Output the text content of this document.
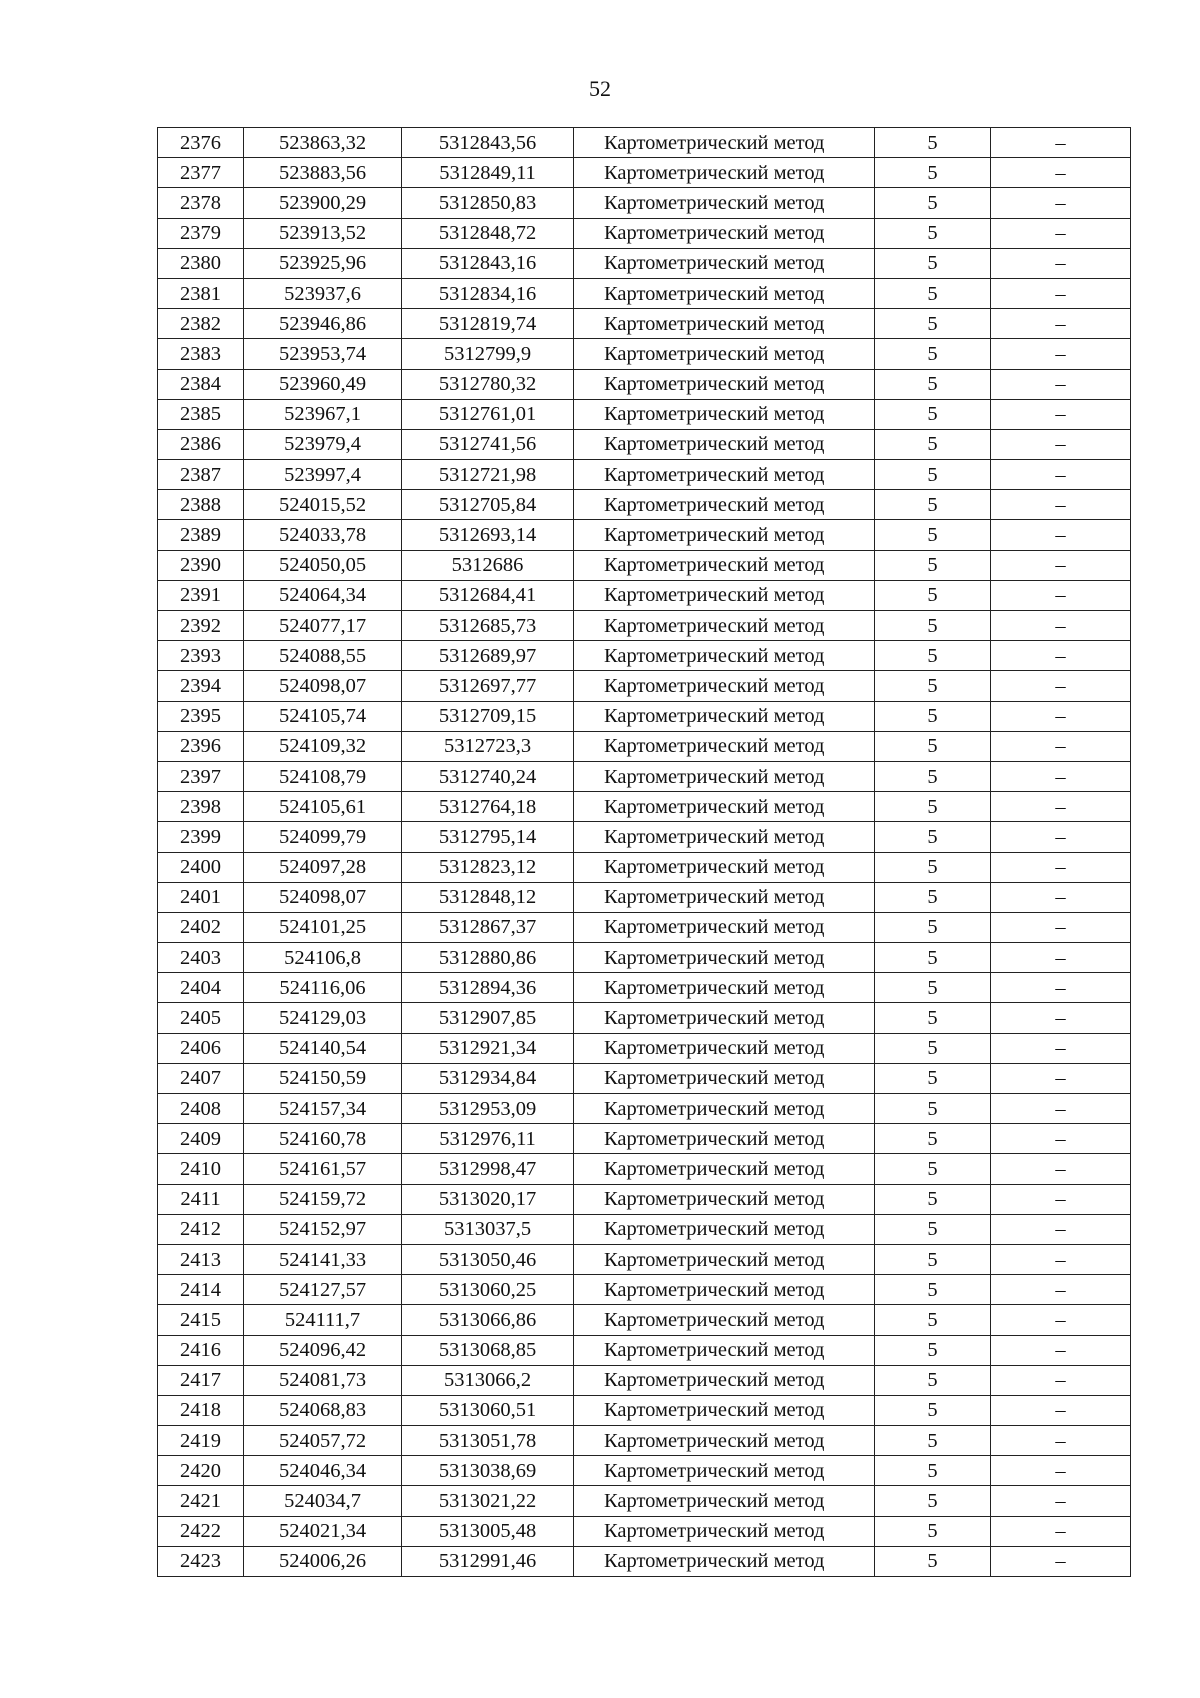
52
2376	523863,32	5312843,56	Картометрический метод	5	–
2377	523883,56	5312849,11	Картометрический метод	5	–
2378	523900,29	5312850,83	Картометрический метод	5	–
2379	523913,52	5312848,72	Картометрический метод	5	–
2380	523925,96	5312843,16	Картометрический метод	5	–
2381	523937,6	5312834,16	Картометрический метод	5	–
2382	523946,86	5312819,74	Картометрический метод	5	–
2383	523953,74	5312799,9	Картометрический метод	5	–
2384	523960,49	5312780,32	Картометрический метод	5	–
2385	523967,1	5312761,01	Картометрический метод	5	–
2386	523979,4	5312741,56	Картометрический метод	5	–
2387	523997,4	5312721,98	Картометрический метод	5	–
2388	524015,52	5312705,84	Картометрический метод	5	–
2389	524033,78	5312693,14	Картометрический метод	5	–
2390	524050,05	5312686	Картометрический метод	5	–
2391	524064,34	5312684,41	Картометрический метод	5	–
2392	524077,17	5312685,73	Картометрический метод	5	–
2393	524088,55	5312689,97	Картометрический метод	5	–
2394	524098,07	5312697,77	Картометрический метод	5	–
2395	524105,74	5312709,15	Картометрический метод	5	–
2396	524109,32	5312723,3	Картометрический метод	5	–
2397	524108,79	5312740,24	Картометрический метод	5	–
2398	524105,61	5312764,18	Картометрический метод	5	–
2399	524099,79	5312795,14	Картометрический метод	5	–
2400	524097,28	5312823,12	Картометрический метод	5	–
2401	524098,07	5312848,12	Картометрический метод	5	–
2402	524101,25	5312867,37	Картометрический метод	5	–
2403	524106,8	5312880,86	Картометрический метод	5	–
2404	524116,06	5312894,36	Картометрический метод	5	–
2405	524129,03	5312907,85	Картометрический метод	5	–
2406	524140,54	5312921,34	Картометрический метод	5	–
2407	524150,59	5312934,84	Картометрический метод	5	–
2408	524157,34	5312953,09	Картометрический метод	5	–
2409	524160,78	5312976,11	Картометрический метод	5	–
2410	524161,57	5312998,47	Картометрический метод	5	–
2411	524159,72	5313020,17	Картометрический метод	5	–
2412	524152,97	5313037,5	Картометрический метод	5	–
2413	524141,33	5313050,46	Картометрический метод	5	–
2414	524127,57	5313060,25	Картометрический метод	5	–
2415	524111,7	5313066,86	Картометрический метод	5	–
2416	524096,42	5313068,85	Картометрический метод	5	–
2417	524081,73	5313066,2	Картометрический метод	5	–
2418	524068,83	5313060,51	Картометрический метод	5	–
2419	524057,72	5313051,78	Картометрический метод	5	–
2420	524046,34	5313038,69	Картометрический метод	5	–
2421	524034,7	5313021,22	Картометрический метод	5	–
2422	524021,34	5313005,48	Картометрический метод	5	–
2423	524006,26	5312991,46	Картометрический метод	5	–
